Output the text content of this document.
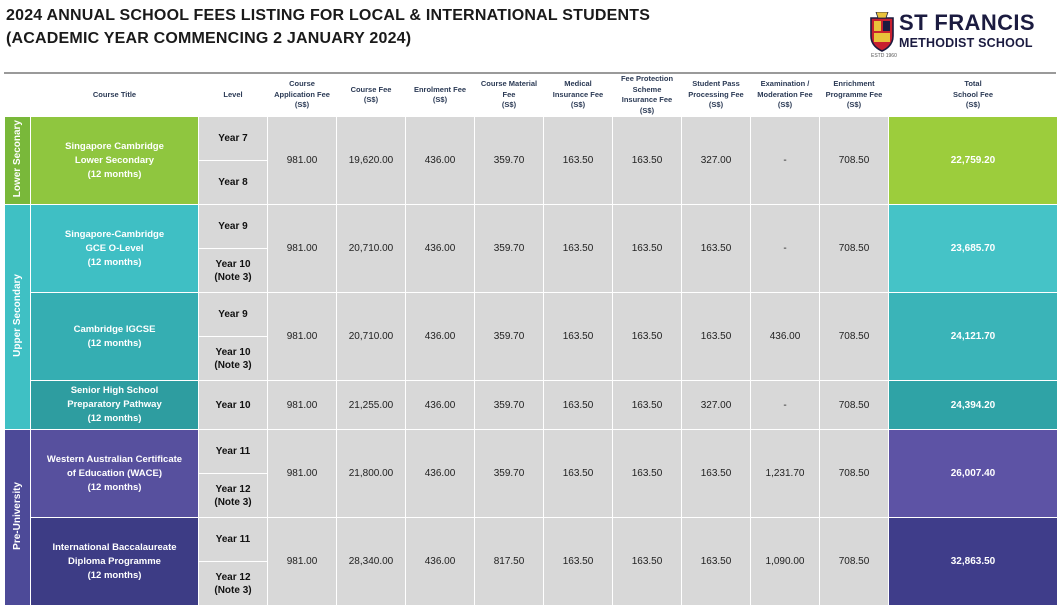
2024 ANNUAL SCHOOL FEES LISTING FOR LOCAL & INTERNATIONAL STUDENTS
(ACADEMIC YEAR COMMENCING 2 JANUARY 2024)
ST FRANCIS
METHODIST SCHOOL
ESTD 1960
	Course Title	Level	Course
Application Fee
(S$)	Course Fee
(S$)	Enrolment Fee
(S$)	Course Material
Fee
(S$)	Medical
Insurance Fee
(S$)	Fee Protection
Scheme
Insurance Fee
(S$)	Student Pass
Processing Fee
(S$)	Examination /
Moderation Fee
(S$)	Enrichment
Programme Fee
(S$)	Total
School Fee
(S$)
Lower Seconary	Singapore Cambridge
Lower Secondary
(12 months)	Year 7	981.00	19,620.00	436.00	359.70	163.50	163.50	327.00	-	708.50	22,759.20

		Year 8										

Upper Secondary	Singapore-Cambridge
GCE O-Level
(12 months)	Year 9	981.00	20,710.00	436.00	359.70	163.50	163.50	163.50	-	708.50	23,685.70

		Year 10
(Note 3)										

	Cambridge IGCSE
(12 months)	Year 9	981.00	20,710.00	436.00	359.70	163.50	163.50	163.50	436.00	708.50	24,121.70

		Year 10
(Note 3)										

	Senior High School
Preparatory Pathway
(12 months)	Year 10	981.00	21,255.00	436.00	359.70	163.50	163.50	327.00	-	708.50	24,394.20
Pre-University	Western Australian Certificate
of Education (WACE)
(12 months)	Year 11	981.00	21,800.00	436.00	359.70	163.50	163.50	163.50	1,231.70	708.50	26,007.40

		Year 12
(Note 3)										

	International Baccalaureate
Diploma Programme
(12 months)	Year 11	981.00	28,340.00	436.00	817.50	163.50	163.50	163.50	1,090.00	708.50	32,863.50

		Year 12
(Note 3)										
